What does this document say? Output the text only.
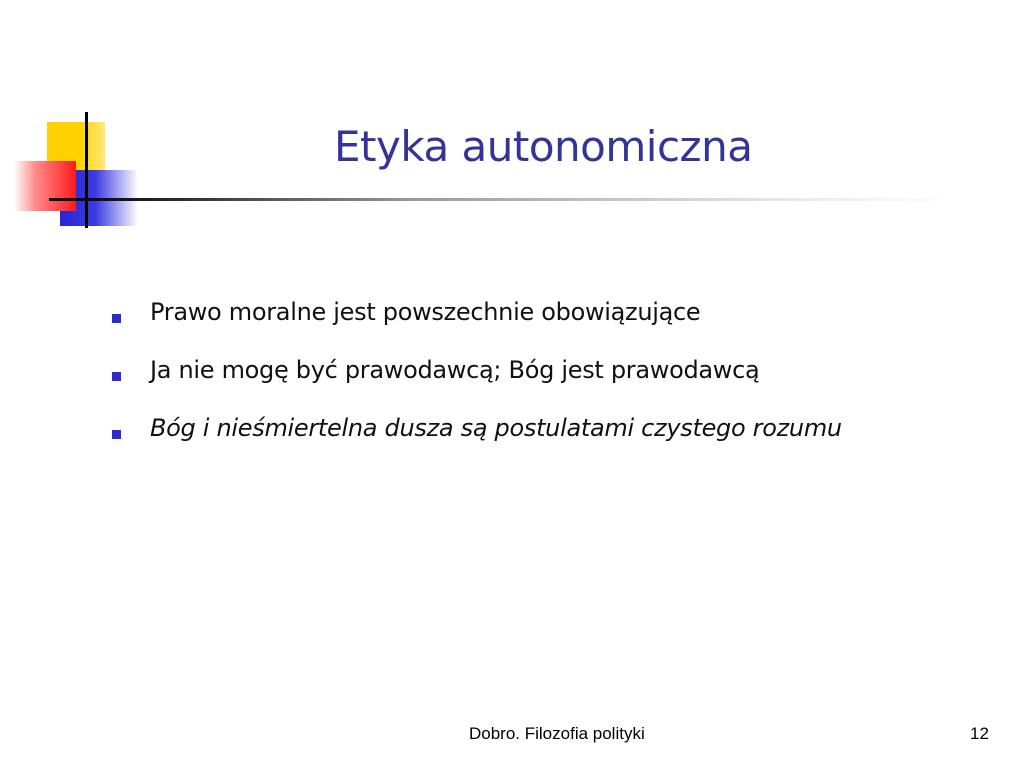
Etyka autonomiczna
Prawo moralne jest powszechnie obowiązujące
Ja nie mogę być prawodawcą; Bóg jest prawodawcą
Bóg i nieśmiertelna dusza są postulatami czystego rozumu
Dobro. Filozofia polityki	12
